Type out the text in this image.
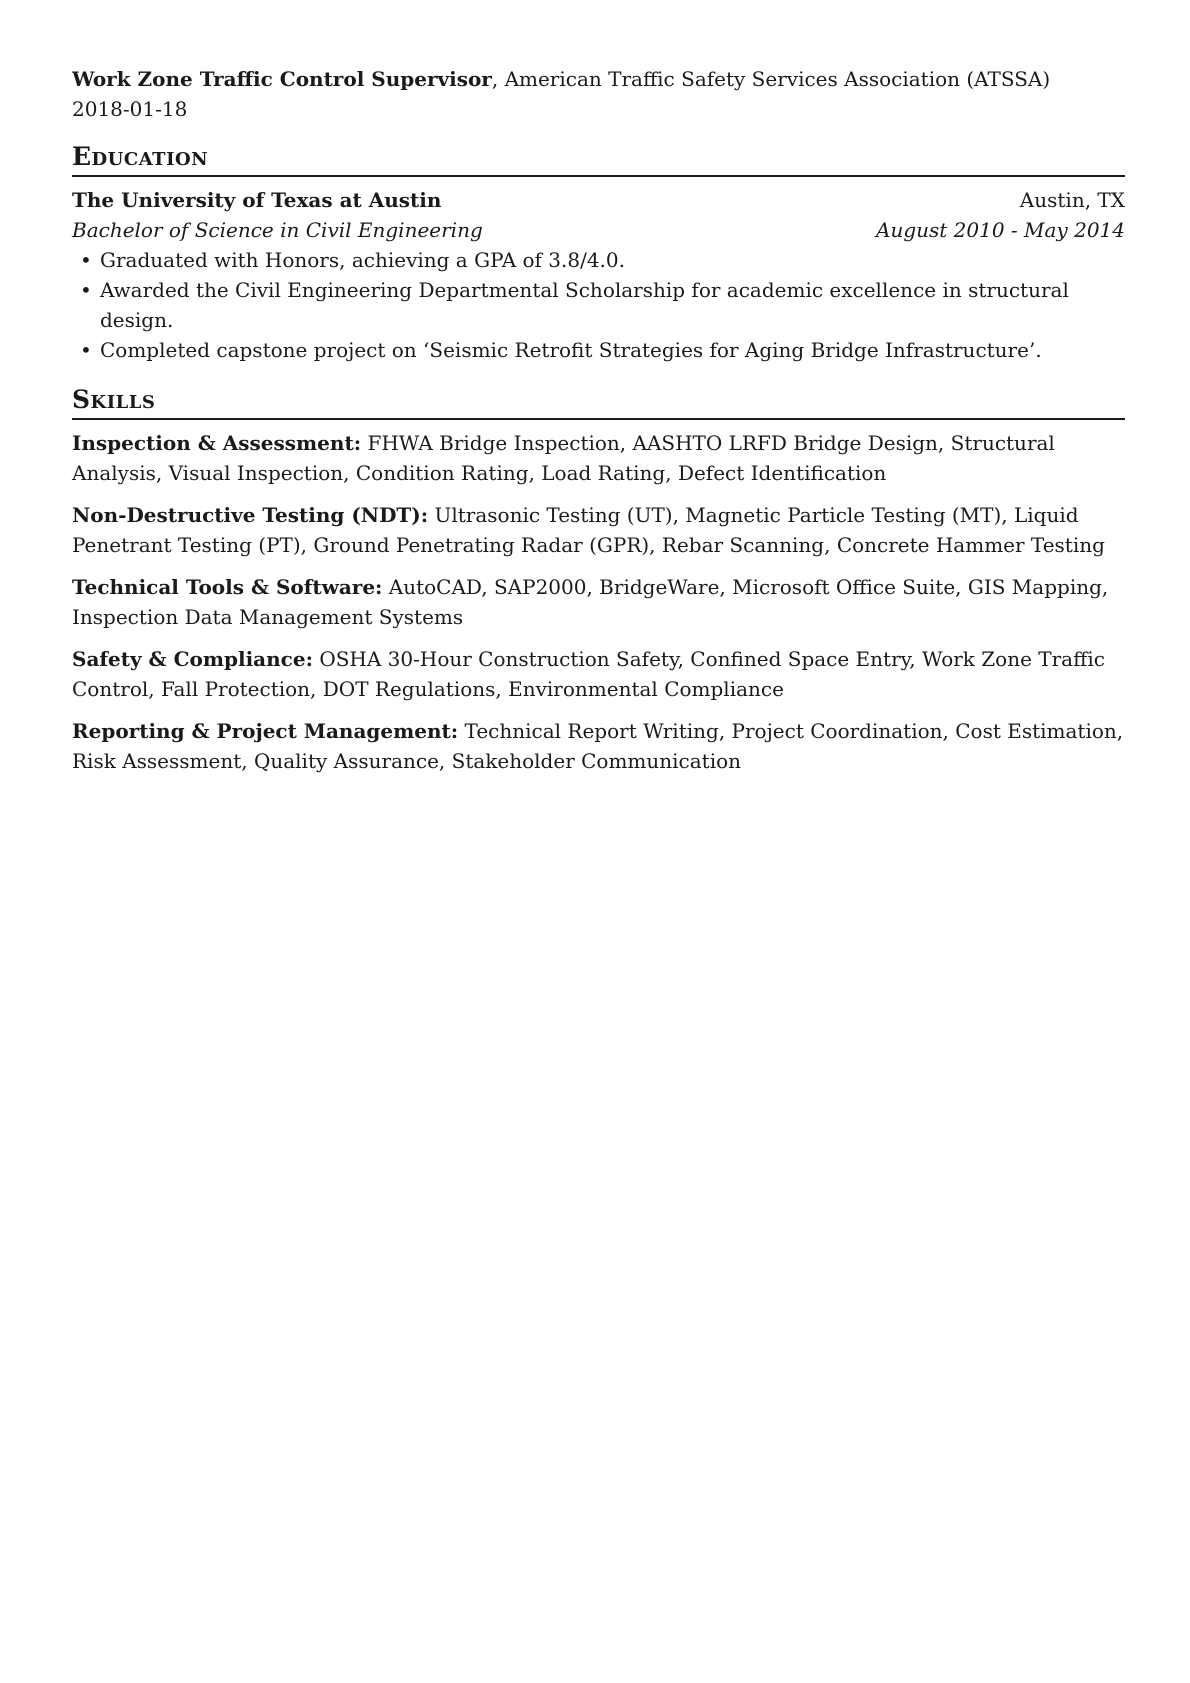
Work Zone Traffic Control Supervisor, American Traffic Safety Services Association (ATSSA)

2018-01-18

Education
The University of Texas at Austin	Austin, TX
Bachelor of Science in Civil Engineering	August 2010 - May 2014
• Graduated with Honors, achieving a GPA of 3.8/4.0.
• Awarded the Civil Engineering Departmental Scholarship for academic excellence in structural design.
• Completed capstone project on ‘Seismic Retrofit Strategies for Aging Bridge Infrastructure’.
Skills

Inspection & Assessment: FHWA Bridge Inspection, AASHTO LRFD Bridge Design, Structural Analysis, Visual Inspection, Condition Rating, Load Rating, Defect Identification

Non-Destructive Testing (NDT): Ultrasonic Testing (UT), Magnetic Particle Testing (MT), Liquid Penetrant Testing (PT), Ground Penetrating Radar (GPR), Rebar Scanning, Concrete Hammer Testing

Technical Tools & Software: AutoCAD, SAP2000, BridgeWare, Microsoft Office Suite, GIS Mapping, Inspection Data Management Systems

Safety & Compliance: OSHA 30-Hour Construction Safety, Confined Space Entry, Work Zone Traffic Control, Fall Protection, DOT Regulations, Environmental Compliance

Reporting & Project Management: Technical Report Writing, Project Coordination, Cost Estimation, Risk Assessment, Quality Assurance, Stakeholder Communication
